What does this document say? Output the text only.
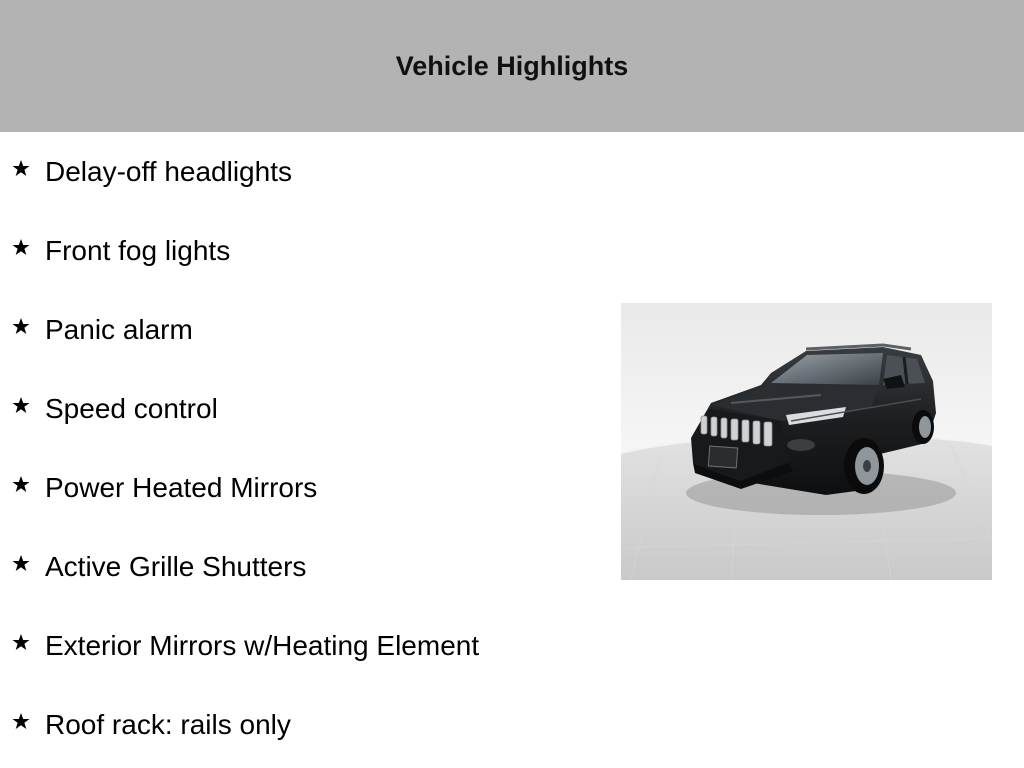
Vehicle Highlights
Delay-off headlights
Front fog lights
Panic alarm
Speed control
Power Heated Mirrors
Active Grille Shutters
Exterior Mirrors w/Heating Element
Roof rack: rails only
